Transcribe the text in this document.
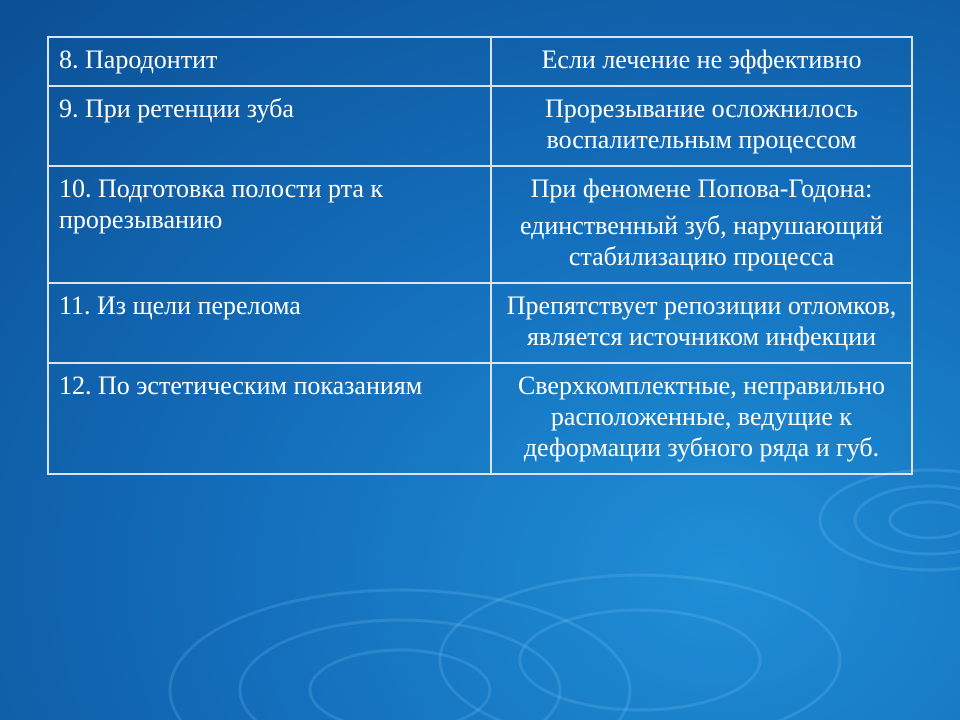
8. Пародонтит	Если лечение не эффективно

9. При ретенции зуба	Прорезывание осложнилось воспалительным процессом

10. Подготовка полости рта к прорезыванию	При феномене Попова-Годона:
единственный зуб, нарушающий стабилизацию процесса

11. Из щели перелома	Препятствует репозиции отломков, является источником инфекции

12. По эстетическим показаниям	Сверхкомплектные, неправильно расположенные, ведущие к деформации зубного ряда и губ.
